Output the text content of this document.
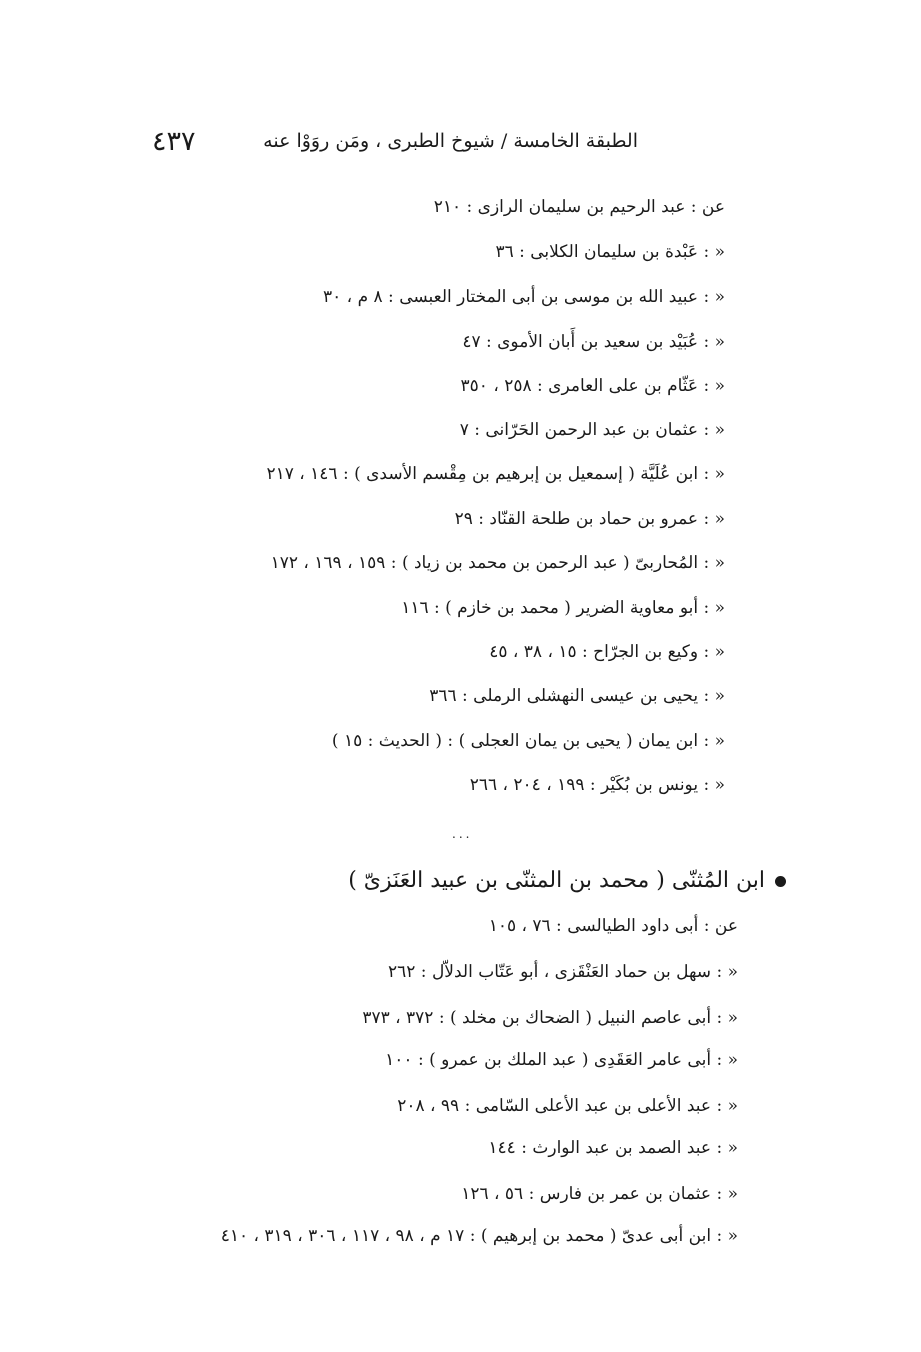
٤٣٧	الطبقة الخامسة / شيوخ الطبرى ، ومَن روَوْا عنه
عن : عبد الرحيم بن سليمان الرازى : ٢١٠
« : عَبْدة بن سليمان الكلابى : ٣٦
« : عبيد الله بن موسى بن أبى المختار العبسى : ٨ م ، ٣٠
« : عُبَيْد بن سعيد بن أَبان الأموى : ٤٧
« : عَثّام بن على العامرى : ٢٥٨ ، ٣٥٠
« : عثمان بن عبد الرحمن الحَرّانى : ٧
« : ابن عُلَيَّة ( إسمعيل بن إبرهيم بن مِقْسم الأسدى ) : ١٤٦ ، ٢١٧
« : عمرو بن حماد بن طلحة القنّاد : ٢٩
« : المُحاربىّ ( عبد الرحمن بن محمد بن زياد ) : ١٥٩ ، ١٦٩ ، ١٧٢
« : أبو معاوية الضرير ( محمد بن خازم ) : ١١٦
« : وكيع بن الجرّاح : ١٥ ، ٣٨ ، ٤٥
« : يحيى بن عيسى النهشلى الرملى : ٣٦٦
« : ابن يمان ( يحيى بن يمان العجلى ) : ( الحديث : ١٥ )
« : يونس بن بُكَيْر : ١٩٩ ، ٢٠٤ ، ٢٦٦
...
ابن المُثنّى ( محمد بن المثنّى بن عبيد العَنَزىّ )
عن : أبى داود الطيالسى : ٧٦ ، ١٠٥
« : سهل بن حماد العَنْقَزى ، أبو عَتّاب الدلاّل : ٢٦٢
« : أبى عاصم النبيل ( الضحاك بن مخلد ) : ٣٧٢ ، ٣٧٣
« : أبى عامر العَقَدِى ( عبد الملك بن عمرو ) : ١٠٠
« : عبد الأعلى بن عبد الأعلى السّامى : ٩٩ ، ٢٠٨
« : عبد الصمد بن عبد الوارث : ١٤٤
« : عثمان بن عمر بن فارس : ٥٦ ، ١٢٦
« : ابن أبى عدىّ ( محمد بن إبرهيم ) : ١٧ م ، ٩٨ ، ١١٧ ، ٣٠٦ ، ٣١٩ ، ٤١٠
